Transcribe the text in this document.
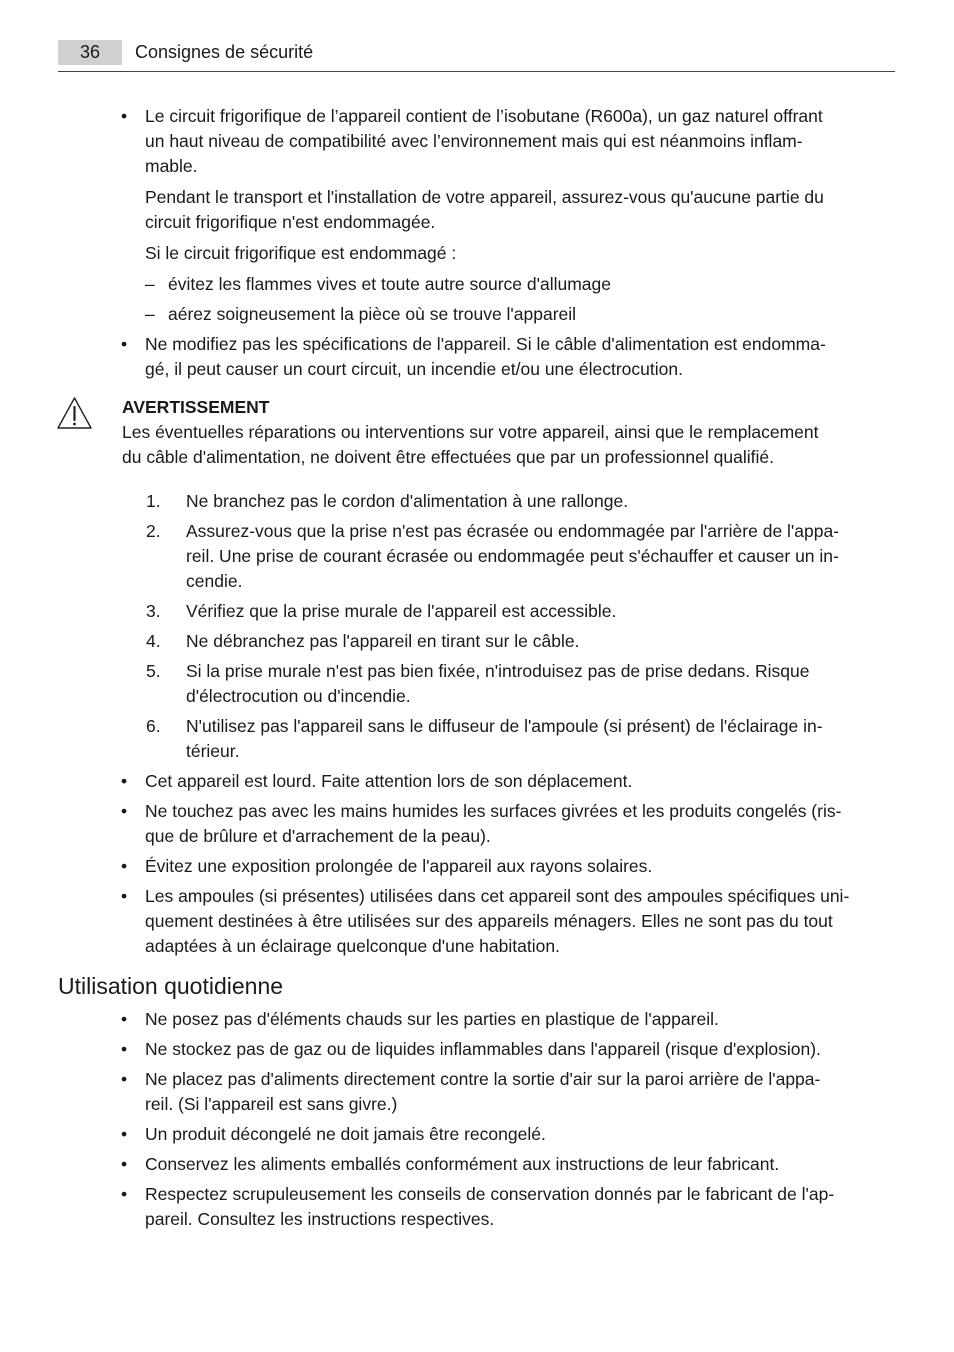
36	Consignes de sécurité
Utilisation quotidienne
• Le circuit frigorifique de l’appareil contient de l’isobutane (R600a), un gaz naturel offrant
un haut niveau de compatibilité avec l’environnement mais qui est néanmoins inflam-
mable.
Pendant le transport et l'installation de votre appareil, assurez-vous qu'aucune partie du
circuit frigorifique n'est endommagée.
Si le circuit frigorifique est endommagé :
– évitez les flammes vives et toute autre source d'allumage
– aérez soigneusement la pièce où se trouve l'appareil
• Ne modifiez pas les spécifications de l'appareil. Si le câble d'alimentation est endomma-
gé, il peut causer un court circuit, un incendie et/ou une électrocution.
AVERTISSEMENT
Les éventuelles réparations ou interventions sur votre appareil, ainsi que le remplacement
du câble d'alimentation, ne doivent être effectuées que par un professionnel qualifié.
1. Ne branchez pas le cordon d'alimentation à une rallonge.
2. Assurez-vous que la prise n'est pas écrasée ou endommagée par l'arrière de l'appa-
reil. Une prise de courant écrasée ou endommagée peut s'échauffer et causer un in-
cendie.
3. Vérifiez que la prise murale de l'appareil est accessible.
4. Ne débranchez pas l'appareil en tirant sur le câble.
5. Si la prise murale n'est pas bien fixée, n'introduisez pas de prise dedans. Risque
d'électrocution ou d'incendie.
6. N'utilisez pas l'appareil sans le diffuseur de l'ampoule (si présent) de l'éclairage in-
térieur.
• Cet appareil est lourd. Faite attention lors de son déplacement.
• Ne touchez pas avec les mains humides les surfaces givrées et les produits congelés (ris-
que de brûlure et d'arrachement de la peau).
• Évitez une exposition prolongée de l'appareil aux rayons solaires.
• Les ampoules (si présentes) utilisées dans cet appareil sont des ampoules spécifiques uni-
quement destinées à être utilisées sur des appareils ménagers. Elles ne sont pas du tout
adaptées à un éclairage quelconque d'une habitation.
• Ne posez pas d'éléments chauds sur les parties en plastique de l'appareil.
• Ne stockez pas de gaz ou de liquides inflammables dans l'appareil (risque d'explosion).
• Ne placez pas d'aliments directement contre la sortie d'air sur la paroi arrière de l'appa-
reil. (Si l'appareil est sans givre.)
• Un produit décongelé ne doit jamais être recongelé.
• Conservez les aliments emballés conformément aux instructions de leur fabricant.
• Respectez scrupuleusement les conseils de conservation donnés par le fabricant de l'ap-
pareil. Consultez les instructions respectives.
